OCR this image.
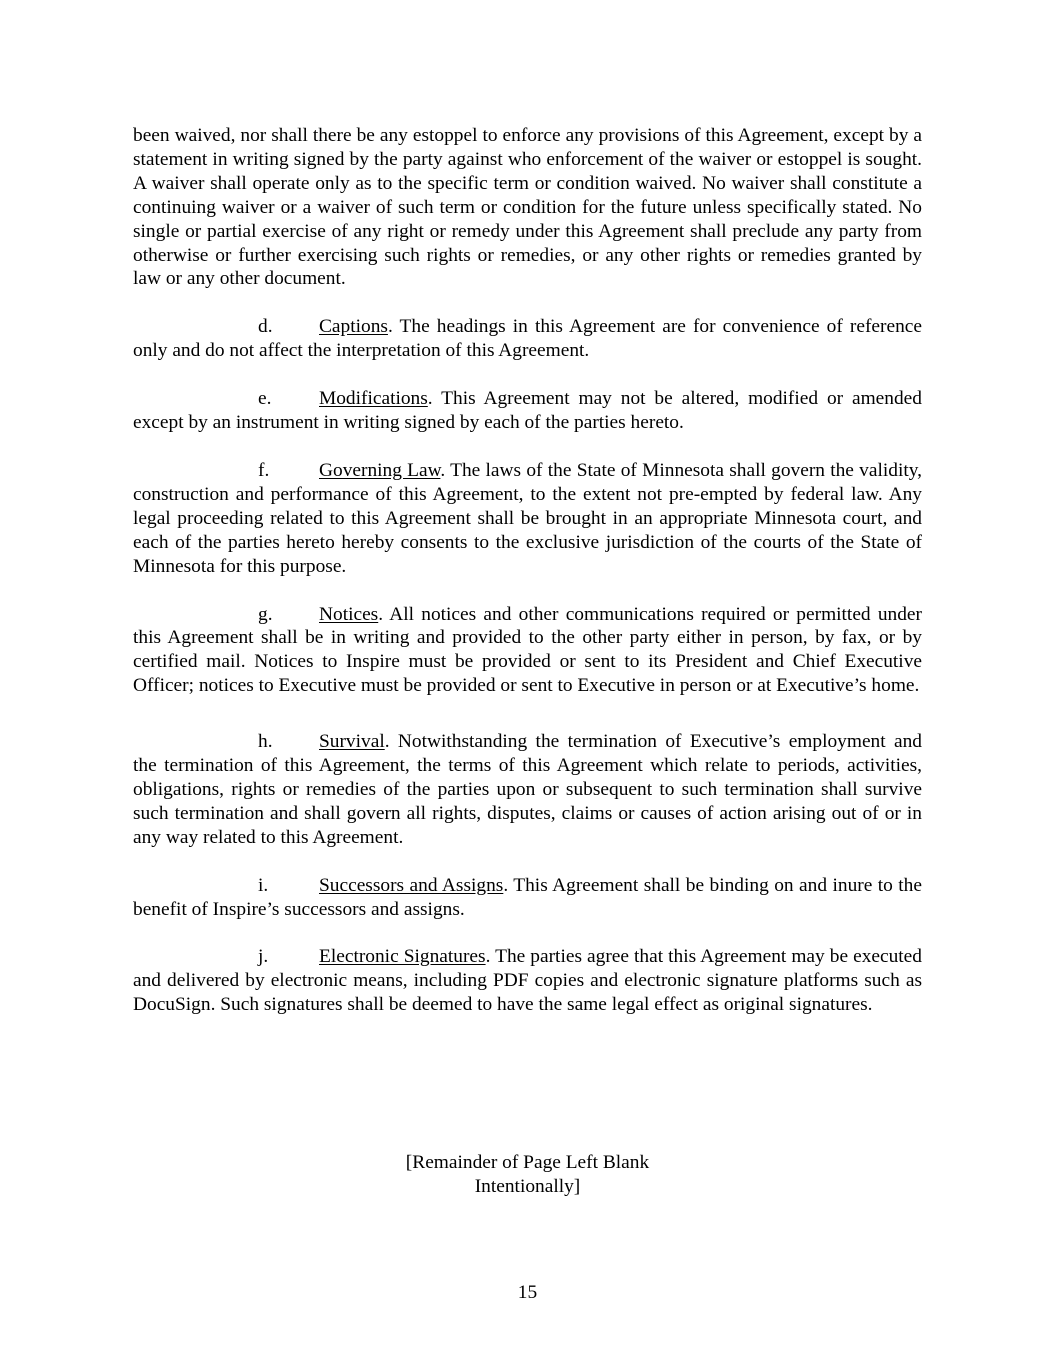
been waived, nor shall there be any estoppel to enforce any provisions of this Agreement, except by a statement in writing signed by the party against who enforcement of the waiver or estoppel is sought. A waiver shall operate only as to the specific term or condition waived. No waiver shall constitute a continuing waiver or a waiver of such term or condition for the future unless specifically stated. No single or partial exercise of any right or remedy under this Agreement shall preclude any party from otherwise or further exercising such rights or remedies, or any other rights or remedies granted by law or any other document.

d. Captions. The headings in this Agreement are for convenience of reference only and do not affect the interpretation of this Agreement.

e. Modifications. This Agreement may not be altered, modified or amended except by an instrument in writing signed by each of the parties hereto.

f.	Governing Law. The laws of the State of Minnesota shall govern the validity, construction and performance of this Agreement, to the extent not pre-empted by federal law. Any legal proceeding related to this Agreement shall be brought in an appropriate Minnesota court, and each of the parties hereto hereby consents to the exclusive jurisdiction of the courts of the State of Minnesota for this purpose.

g. Notices. All notices and other communications required or permitted under this Agreement shall be in writing and provided to the other party either in person, by fax, or by certified mail. Notices to Inspire must be provided or sent to its President and Chief Executive Officer; notices to Executive must be provided or sent to Executive in person or at Executive’s home.

h. Survival. Notwithstanding the termination of Executive’s employment and the termination of this Agreement, the terms of this Agreement which relate to periods, activities, obligations, rights or remedies of the parties upon or subsequent to such termination shall survive such termination and shall govern all rights, disputes, claims or causes of action arising out of or in any way related to this Agreement.

i.	Successors and Assigns. This Agreement shall be binding on and inure to the benefit of Inspire’s successors and assigns.

j.	Electronic Signatures. The parties agree that this Agreement may be executed and delivered by electronic means, including PDF copies and electronic signature platforms such as DocuSign. Such signatures shall be deemed to have the same legal effect as original signatures.

[Remainder of Page Left Blank
Intentionally]
15
